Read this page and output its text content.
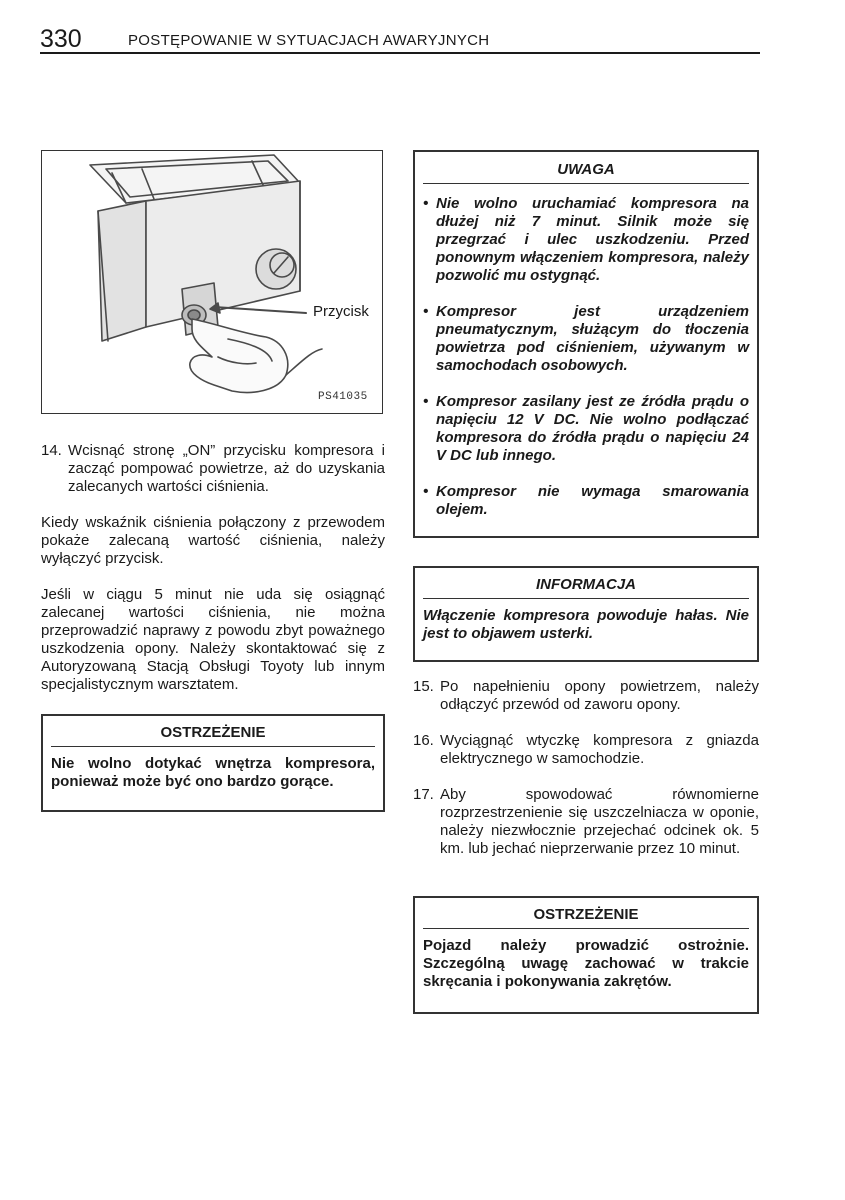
330	POSTĘPOWANIE W SYTUACJACH AWARYJNYCH
Przycisk
PS41035
14. Wcisnąć stronę „ON” przycisku kompresora i zacząć pompować powietrze, aż do uzyskania zalecanych wartości ciśnienia.

Kiedy wskaźnik ciśnienia połączony z przewodem pokaże zalecaną wartość ciśnienia, należy wyłączyć przycisk.

Jeśli w ciągu 5 minut nie uda się osiągnąć zalecanej wartości ciśnienia, nie można przeprowadzić naprawy z powodu zbyt poważnego uszkodzenia opony. Należy skontaktować się z Autoryzowaną Stacją Obsługi Toyoty lub innym specjalistycznym warsztatem.

OSTRZEŻENIE
Nie wolno dotykać wnętrza kompresora, ponieważ może być ono bardzo gorące.
UWAGA
• Nie wolno uruchamiać kompresora na dłużej niż 7 minut. Silnik może się przegrzać i ulec uszkodzeniu. Przed ponownym włączeniem kompresora, należy pozwolić mu ostygnąć.
• Kompresor jest urządzeniem pneumatycznym, służącym do tłoczenia powietrza pod ciśnieniem, używanym w samochodach osobowych.
• Kompresor zasilany jest ze źródła prądu o napięciu 12 V DC. Nie wolno podłączać kompresora do źródła prądu o napięciu 24 V DC lub innego.
• Kompresor nie wymaga smarowania olejem.
INFORMACJA
Włączenie kompresora powoduje hałas. Nie jest to objawem usterki.
15. Po napełnieniu opony powietrzem, należy odłączyć przewód od zaworu opony.
16. Wyciągnąć wtyczkę kompresora z gniazda elektrycznego w samochodzie.
17. Aby spowodować równomierne rozprzestrzenienie się uszczelniacza w oponie, należy niezwłocznie przejechać odcinek ok. 5 km. lub jechać nieprzerwanie przez 10 minut.
OSTRZEŻENIE
Pojazd należy prowadzić ostrożnie. Szczególną uwagę zachować w trakcie skręcania i pokonywania zakrętów.
